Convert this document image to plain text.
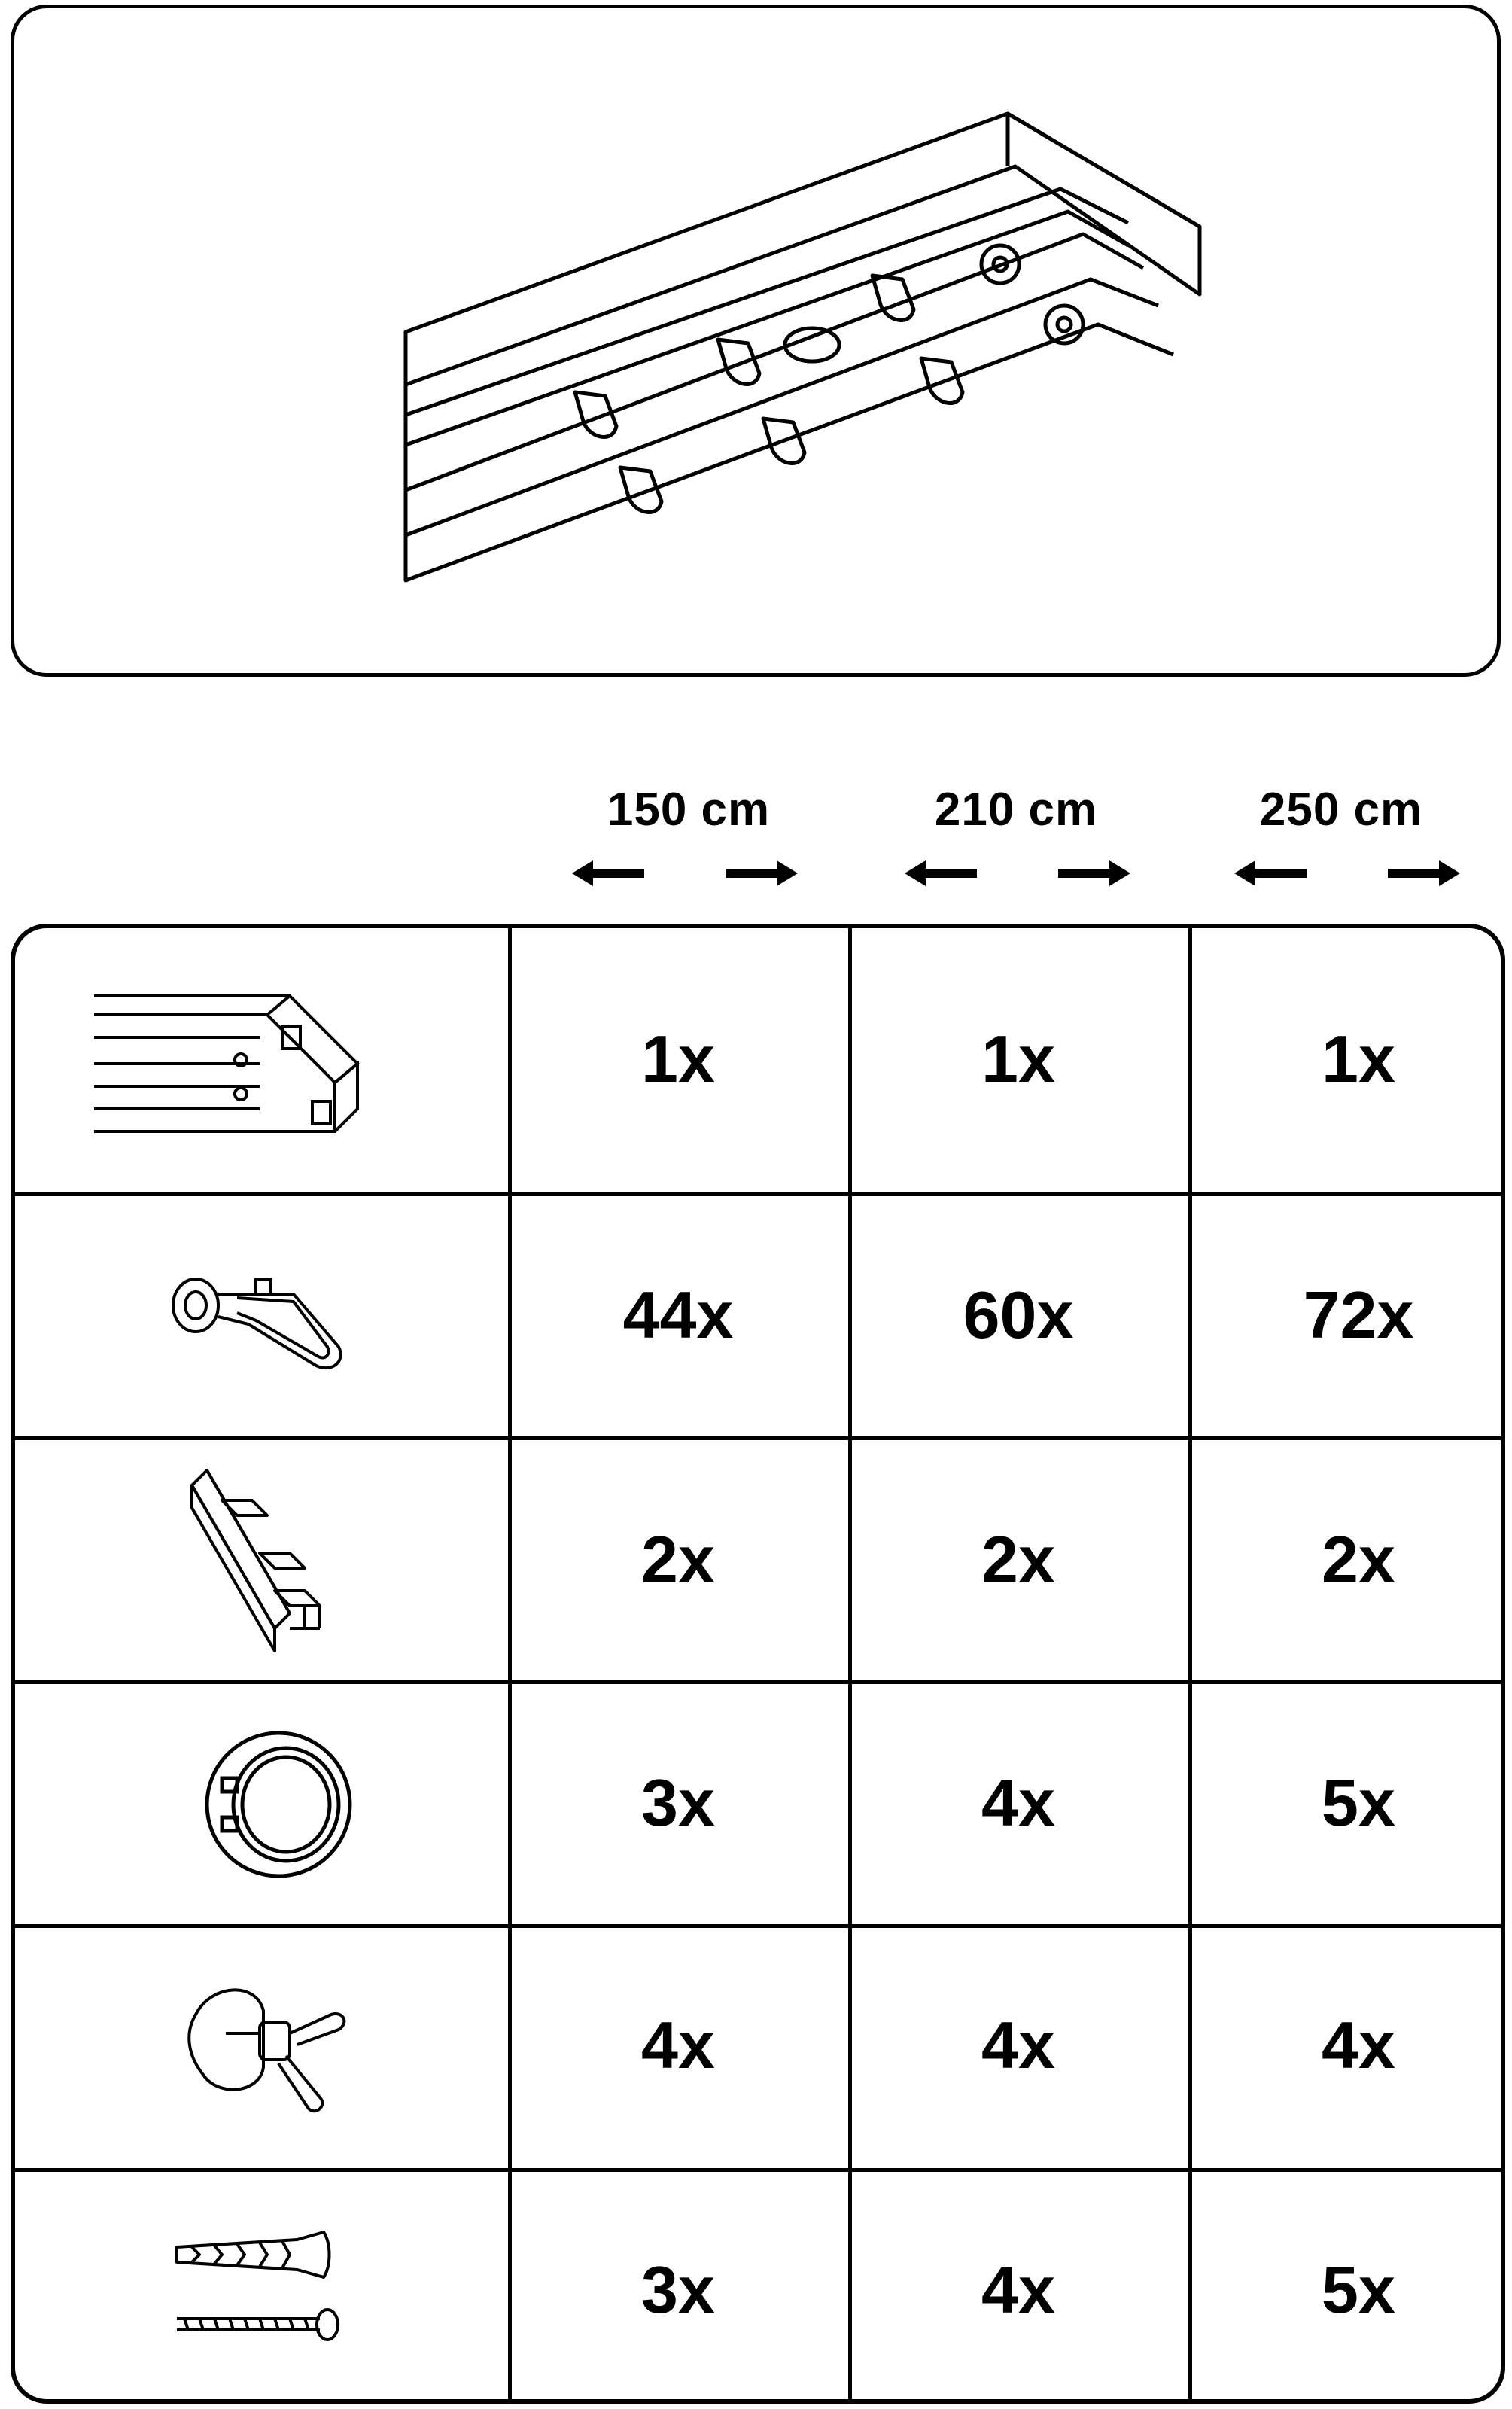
150 cm	210 cm	250 cm
1x	1x	1x
44x	60x	72x
2x	2x	2x
3x	4x	5x
4x	4x	4x
3x	4x	5x
